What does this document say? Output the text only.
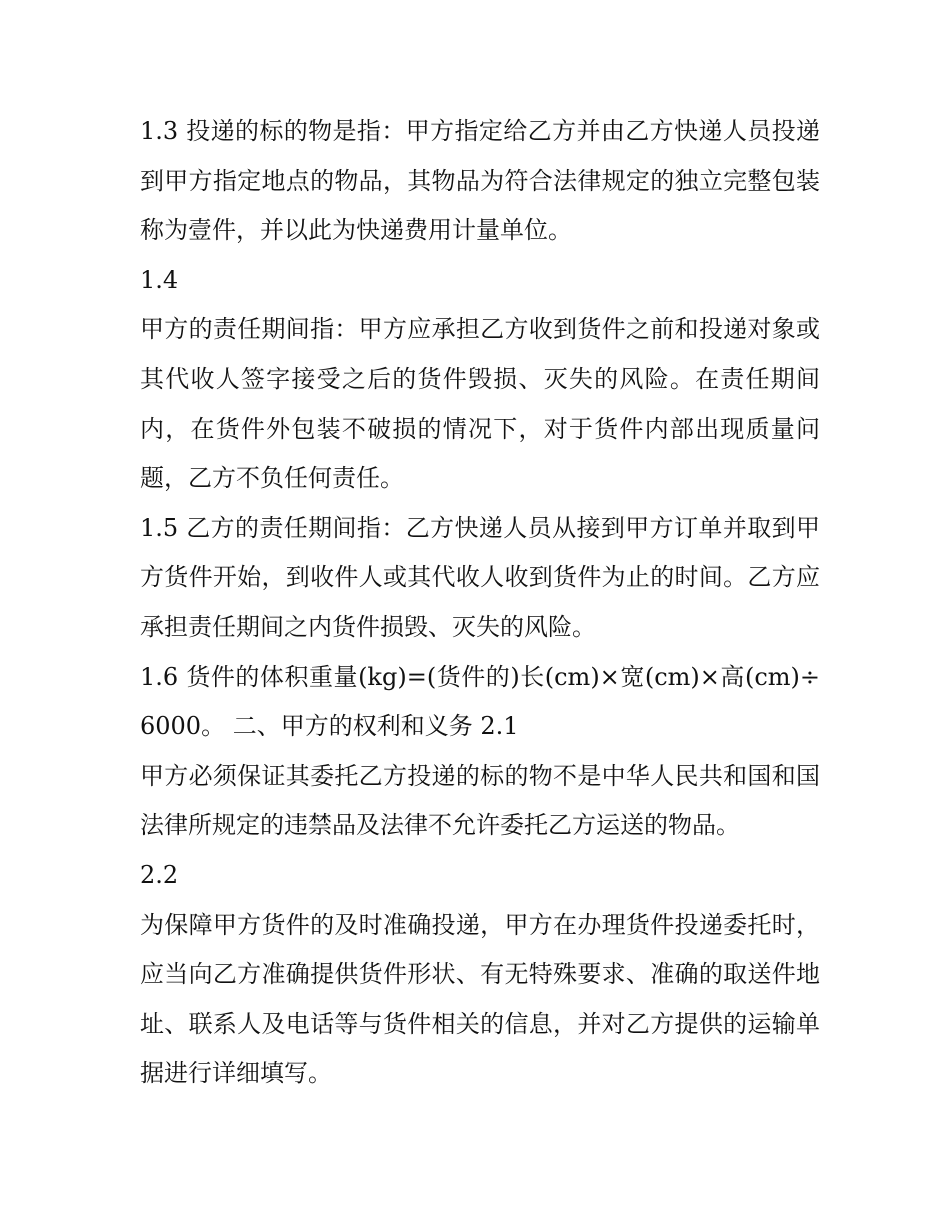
1.3 投递的标的物是指：甲方指定给乙方并由乙方快递人员投递到甲方指定地点的物品，其物品为符合法律规定的独立完整包装称为壹件，并以此为快递费用计量单位。

1.4

甲方的责任期间指：甲方应承担乙方收到货件之前和投递对象或其代收人签字接受之后的货件毁损、灭失的风险。在责任期间内，在货件外包装不破损的情况下，对于货件内部出现质量问题，乙方不负任何责任。

1.5 乙方的责任期间指：乙方快递人员从接到甲方订单并取到甲方货件开始，到收件人或其代收人收到货件为止的时间。乙方应承担责任期间之内货件损毁、灭失的风险。

1.6 货件的体积重量(kg)=(货件的)长(cm)×宽(cm)×高(cm)÷6000。 二、甲方的权利和义务 2.1

甲方必须保证其委托乙方投递的标的物不是中华人民共和国和国法律所规定的违禁品及法律不允许委托乙方运送的物品。

2.2

为保障甲方货件的及时准确投递，甲方在办理货件投递委托时，应当向乙方准确提供货件形状、有无特殊要求、准确的取送件地址、联系人及电话等与货件相关的信息，并对乙方提供的运输单据进行详细填写。
